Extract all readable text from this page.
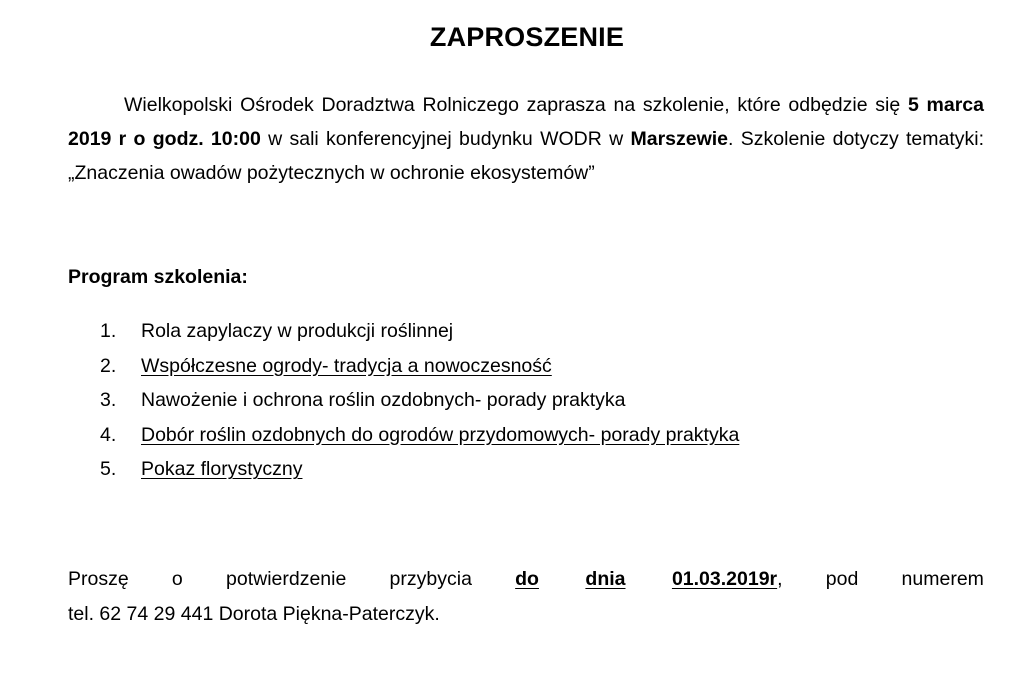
ZAPROSZENIE
Wielkopolski Ośrodek Doradztwa Rolniczego zaprasza na szkolenie, które odbędzie się 5 marca 2019 r o godz. 10:00 w sali konferencyjnej budynku WODR w Marszewie. Szkolenie dotyczy tematyki: „Znaczenia owadów pożytecznych w ochronie ekosystemów”
Program szkolenia:
1. Rola zapylaczy w produkcji roślinnej
2. Współczesne ogrody- tradycja a nowoczesność
3. Nawożenie i ochrona roślin ozdobnych- porady praktyka
4. Dobór roślin ozdobnych do ogrodów przydomowych- porady praktyka
5. Pokaz florystyczny
Proszę o potwierdzenie przybycia do dnia 01.03.2019r , pod numerem
tel. 62 74 29 441 Dorota Piękna-Paterczyk.
